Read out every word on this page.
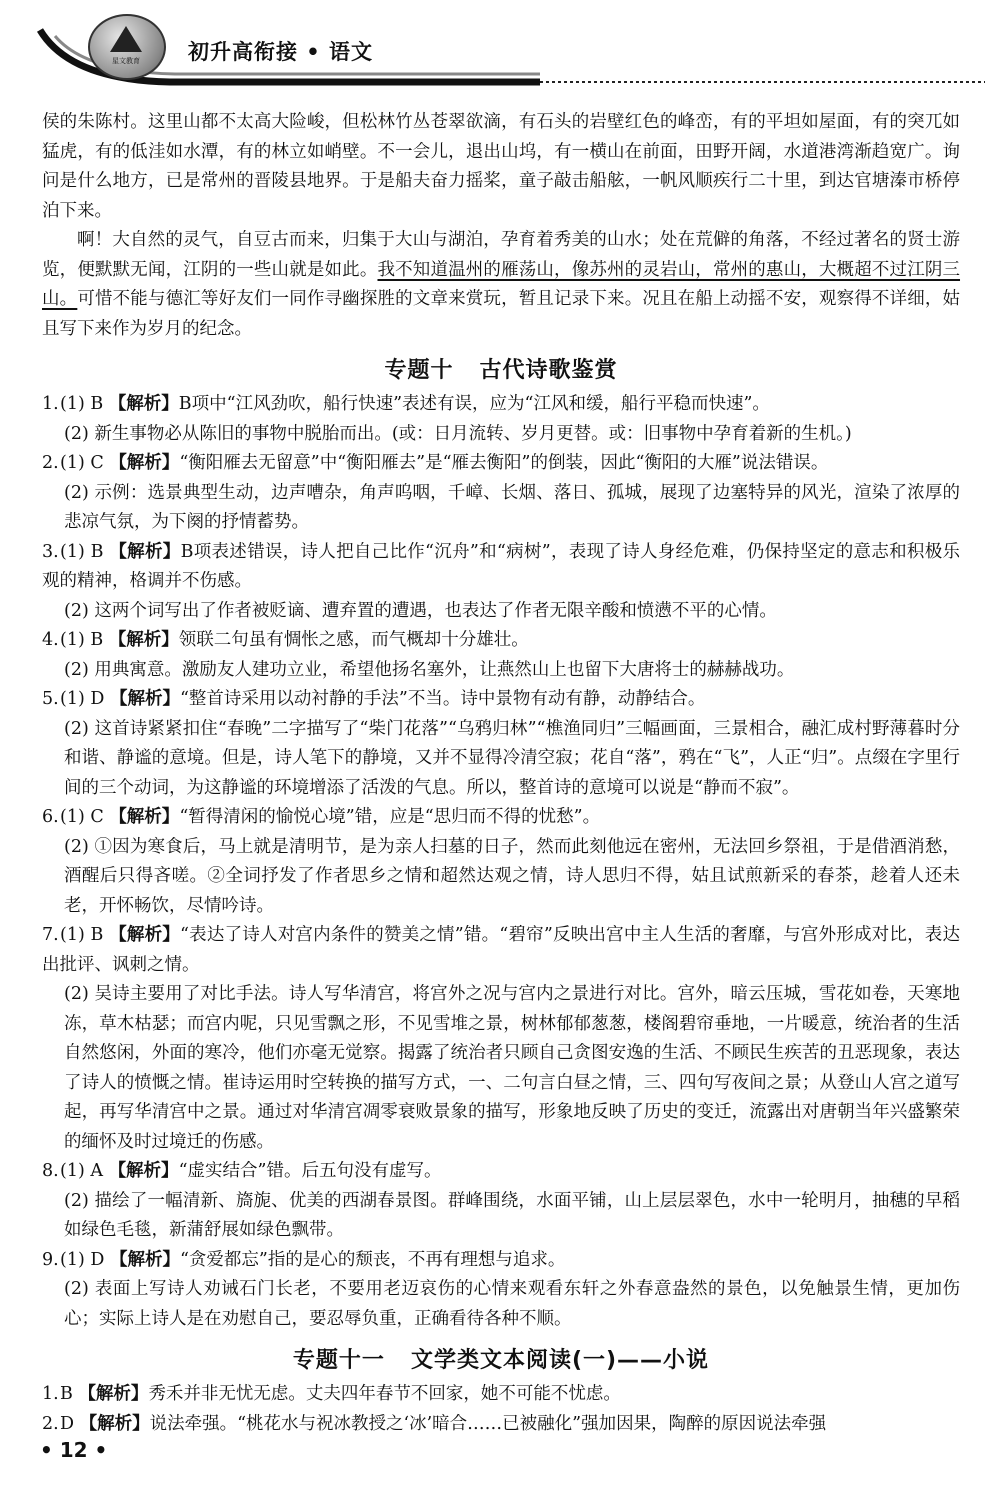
星文教育	初升高衔接 • 语文

侯的朱陈村。这里山都不太高大险峻，但松林竹丛苍翠欲滴，有石头的岩壁红色的峰峦，有的平坦如屋面，有的突兀如猛虎，有的低洼如水潭，有的林立如峭壁。不一会儿，退出山坞，有一横山在前面，田野开阔，水道港湾渐趋宽广。询问是什么地方，已是常州的晋陵县地界。于是船夫奋力摇桨，童子敲击船舷，一帆风顺疾行二十里，到达官塘溱市桥停泊下来。

啊！大自然的灵气，自豆古而来，归集于大山与湖泊，孕育着秀美的山水；处在荒僻的角落，不经过著名的贤士游览，便默默无闻，江阴的一些山就是如此。我不知道温州的雁荡山，像苏州的灵岩山，常州的惠山，大概超不过江阴三山。可惜不能与德汇等好友们一同作寻幽探胜的文章来赏玩，暂且记录下来。况且在船上动摇不安，观察得不详细，姑且写下来作为岁月的纪念。

专题十 古代诗歌鉴赏

1.(1) B 【解析】B项中“江风劲吹，船行快速”表述有误，应为“江风和缓，船行平稳而快速”。

(2) 新生事物必从陈旧的事物中脱胎而出。(或：日月流转、岁月更替。或：旧事物中孕育着新的生机。)

2.(1) C 【解析】“衡阳雁去无留意”中“衡阳雁去”是“雁去衡阳”的倒装，因此“衡阳的大雁”说法错误。

(2) 示例：选景典型生动，边声嘈杂，角声呜咽，千嶂、长烟、落日、孤城，展现了边塞特异的风光，渲染了浓厚的悲凉气氛，为下阕的抒情蓄势。

3.(1) B 【解析】B项表述错误，诗人把自己比作“沉舟”和“病树”，表现了诗人身经危难，仍保持坚定的意志和积极乐观的精神，格调并不伤感。

(2) 这两个词写出了作者被贬谪、遭弃置的遭遇，也表达了作者无限辛酸和愤懑不平的心情。

4.(1) B 【解析】领联二句虽有惆怅之感，而气概却十分雄壮。

(2) 用典寓意。激励友人建功立业，希望他扬名塞外，让燕然山上也留下大唐将士的赫赫战功。

5.(1) D 【解析】“整首诗采用以动衬静的手法”不当。诗中景物有动有静，动静结合。

(2) 这首诗紧紧扣住“春晚”二字描写了“柴门花落”“乌鸦归林”“樵渔同归”三幅画面，三景相合，融汇成村野薄暮时分和谐、静谧的意境。但是，诗人笔下的静境，又并不显得冷清空寂；花自“落”，鸦在“飞”，人正“归”。点缀在字里行间的三个动词，为这静谧的环境增添了活泼的气息。所以，整首诗的意境可以说是“静而不寂”。

6.(1) C 【解析】“暂得清闲的愉悦心境”错，应是“思归而不得的忧愁”。

(2) ①因为寒食后，马上就是清明节，是为亲人扫墓的日子，然而此刻他远在密州，无法回乡祭祖，于是借酒消愁，酒醒后只得吝嗟。②全词抒发了作者思乡之情和超然达观之情，诗人思归不得，姑且试煎新采的春茶，趁着人还未老，开怀畅饮，尽情吟诗。

7.(1) B 【解析】“表达了诗人对宫内条件的赞美之情”错。“碧帘”反映出宫中主人生活的奢靡，与宫外形成对比，表达出批评、讽刺之情。

(2) 吴诗主要用了对比手法。诗人写华清宫，将宫外之况与宫内之景进行对比。宫外，暗云压城，雪花如卷，天寒地冻，草木枯瑟；而宫内呢，只见雪飘之形，不见雪堆之景，树林郁郁葱葱，楼阁碧帘垂地，一片暖意，统治者的生活自然悠闲，外面的寒冷，他们亦毫无觉察。揭露了统治者只顾自己贪图安逸的生活、不顾民生疾苦的丑恶现象，表达了诗人的愤慨之情。崔诗运用时空转换的描写方式，一、二句言白昼之情，三、四句写夜间之景；从登山人宫之道写起，再写华清宫中之景。通过对华清宫凋零衰败景象的描写，形象地反映了历史的变迁，流露出对唐朝当年兴盛繁荣的缅怀及时过境迁的伤感。

8.(1) A 【解析】“虚实结合”错。后五句没有虚写。

(2) 描绘了一幅清新、旖旎、优美的西湖春景图。群峰围绕，水面平铺，山上层层翠色，水中一轮明月，抽穗的早稻如绿色毛毯，新蒲舒展如绿色飘带。

9.(1) D 【解析】“贪爱都忘”指的是心的颓丧，不再有理想与追求。

(2) 表面上写诗人劝诫石门长老，不要用老迈哀伤的心情来观看东轩之外春意盎然的景色，以免触景生情，更加伤心；实际上诗人是在劝慰自己，要忍辱负重，正确看待各种不顺。

专题十一 文学类文本阅读(一)——小说

1.B 【解析】秀禾并非无忧无虑。丈夫四年春节不回家，她不可能不忧虑。

2.D 【解析】说法牵强。“桃花水与祝冰教授之‘冰’暗合……已被融化”强加因果，陶醉的原因说法牵强

• 12 •
